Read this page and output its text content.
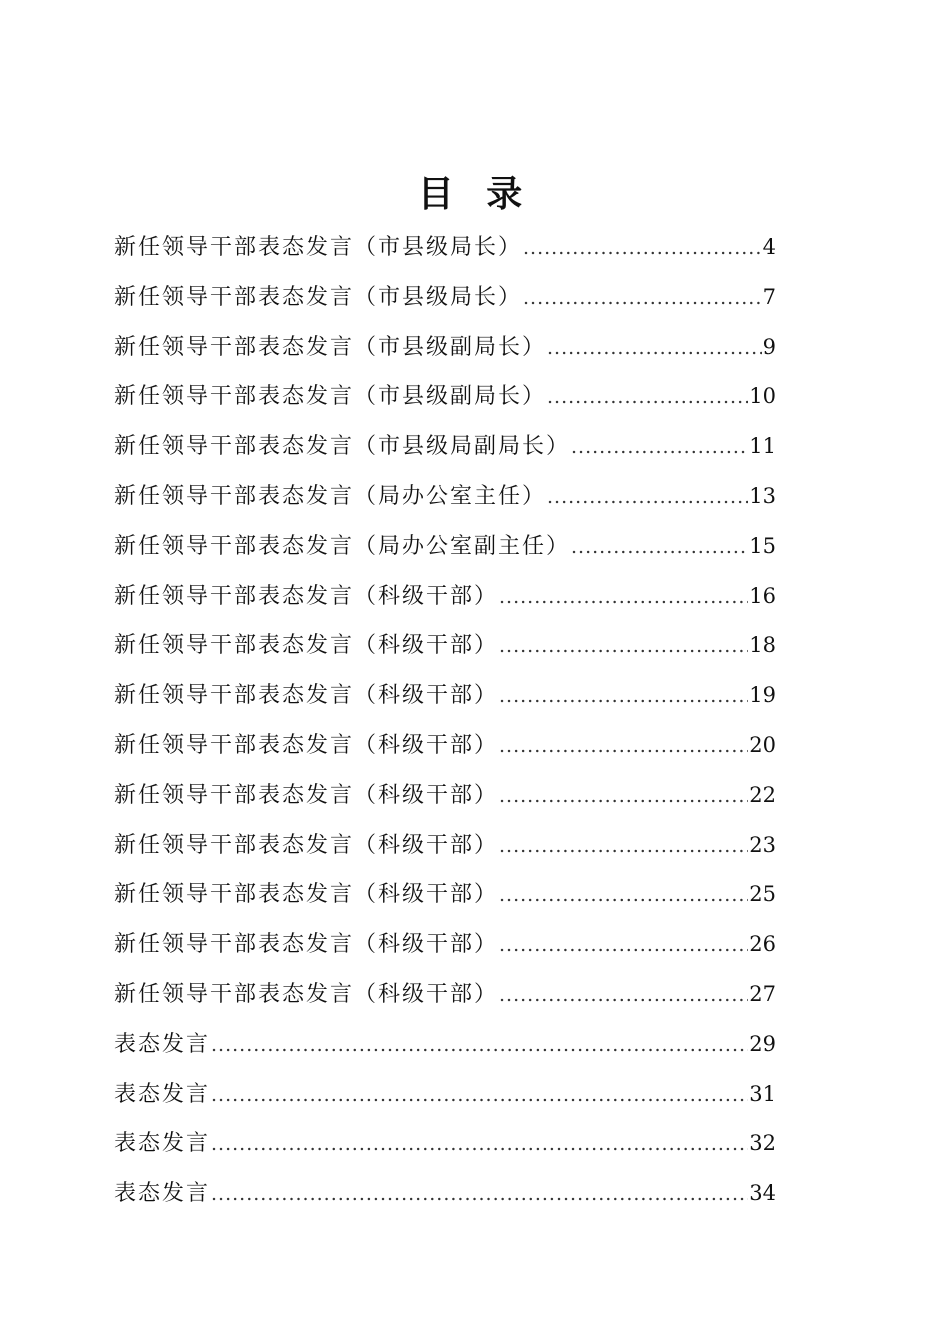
目 录
新任领导干部表态发言（市县级局长） .....	4
新任领导干部表态发言（市县级局长） .....	7
新任领导干部表态发言（市县级副局长） .....	9
新任领导干部表态发言（市县级副局长） .....	10
新任领导干部表态发言（市县级局副局长） .....	11
新任领导干部表态发言（局办公室主任） .....	13
新任领导干部表态发言（局办公室副主任） .....	15
新任领导干部表态发言（科级干部） .....	16
新任领导干部表态发言（科级干部） .....	18
新任领导干部表态发言（科级干部） .....	19
新任领导干部表态发言（科级干部） .....	20
新任领导干部表态发言（科级干部） .....	22
新任领导干部表态发言（科级干部） .....	23
新任领导干部表态发言（科级干部） .....	25
新任领导干部表态发言（科级干部） .....	26
新任领导干部表态发言（科级干部） .....	27
表态发言 .....	29
表态发言 .....	31
表态发言 .....	32
表态发言 .....	34
